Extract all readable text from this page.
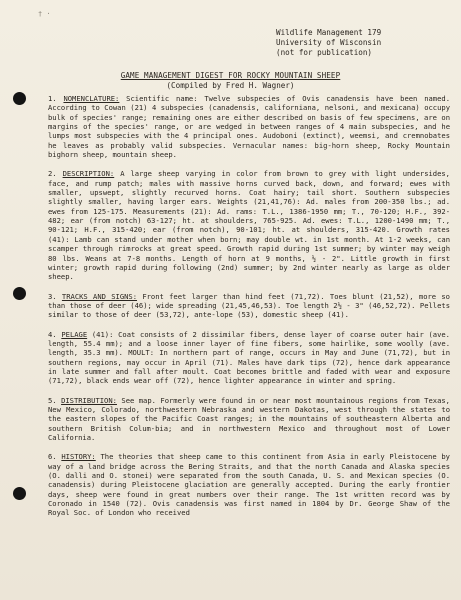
† ·
Wildlife Management 179
University of Wisconsin
(not for publication)
GAME MANAGEMENT DIGEST FOR ROCKY MOUNTAIN SHEEP
(Compiled by Fred H. Wagner)

1. NOMENCLATURE: Scientific name: Twelve subspecies of Ovis canadensis have been named. According to Cowan (21) 4 subspecies (canadensis, californiana, nelsoni, and mexicana) occupy bulk of species' range; remaining ones are either described on basis of few specimens, are on margins of the species' range, or are wedged in between ranges of 4 main subspecies, and he lumps most subspecies with the 4 principal ones. Audoboni (extinct), weemsi, and cremnobates he leaves as probably valid subspecies. Vernacular names: big-horn sheep, Rocky Mountain bighorn sheep, mountain sheep.

2. DESCRIPTION: A large sheep varying in color from brown to grey with light undersides, face, and rump patch; males with massive horns curved back, down, and forward; ewes with smaller, upswept, slightly recurved horns. Coat hairy; tail short. Southern subspecies slightly smaller, having larger ears. Weights (21,41,76): Ad. males from 200-350 lbs.; ad. ewes from 125-175. Measurements (21): Ad. rams: T.L., 1386-1950 mm; T., 70-120; H.F., 392-482; ear (from notch) 63-127; ht. at shoulders, 765-925. Ad. ewes: T.L., 1200-1490 mm; T., 90-121; H.F., 315-420; ear (from notch), 90-101; ht. at shoulders, 315-420. Growth rates (41): Lamb can stand under mother when born; may double wt. in 1st month. At 1-2 weeks, can scamper through rimrocks at great speed. Growth rapid during 1st summer; by winter may weigh 80 lbs. Weans at 7-8 months. Length of horn at 9 months, ½ - 2". Little growth in first winter; growth rapid during following (2nd) summer; by 2nd winter nearly as large as older sheep.

3. TRACKS AND SIGNS: Front feet larger than hind feet (71,72). Toes blunt (21,52), more so than those of deer (46); wide spreading (21,45,46,53). Toe length 2½ - 3" (46,52,72). Pellets similar to those of deer (53,72), ante-lope (53), domestic sheep (41).

4. PELAGE (41): Coat consists of 2 dissimilar fibers, dense layer of coarse outer hair (ave. length, 55.4 mm); and a loose inner layer of fine fibers, some hairlike, some woolly (ave. length, 35.3 mm). MOULT: In northern part of range, occurs in May and June (71,72), but in southern regions, may occur in April (71). Males have dark tips (72), hence dark appearance in late summer and fall after moult. Coat becomes brittle and faded with wear and exposure (71,72), black ends wear off (72), hence lighter appearance in winter and spring.

5. DISTRIBUTION: See map. Formerly were found in or near most mountainous regions from Texas, New Mexico, Colorado, northwestern Nebraska and western Dakotas, west through the states to the eastern slopes of the Pacific Coast ranges; in the mountains of southeastern Alberta and southern British Colum-bia; and in northwestern Mexico and throughout most of Lower California.

6. HISTORY: The theories that sheep came to this continent from Asia in early Pleistocene by way of a land bridge across the Bering Straits, and that the north Canada and Alaska species (O. dalli and O. stonei) were separated from the south Canada, U. S. and Mexican species (O. canadensis) during Pleistocene glaciation are generally accepted. During the early frontier days, sheep were found in great numbers over their range. The 1st written record was by Coronado in 1540 (72). Ovis canadensis was first named in 1804 by Dr. George Shaw of the Royal Soc. of London who received
